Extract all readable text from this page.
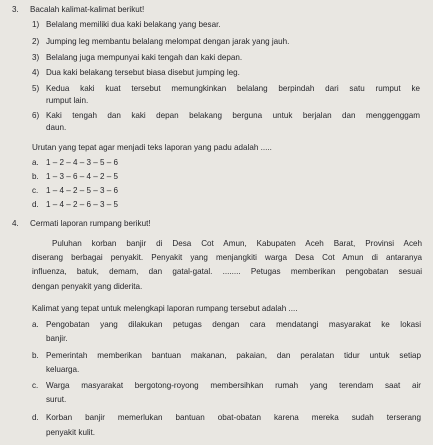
3. Bacalah kalimat-kalimat berikut!
1) Belalang memiliki dua kaki belakang yang besar.
2) Jumping leg membantu belalang melompat dengan jarak yang jauh.
3) Belalang juga mempunyai kaki tengah dan kaki depan.
4) Dua kaki belakang tersebut biasa disebut jumping leg.
5) Kedua kaki kuat tersebut memungkinkan belalang berpindah dari satu rumput ke
rumput lain.
6) Kaki tengah dan kaki depan belakang berguna untuk berjalan dan menggenggam
daun.
Urutan yang tepat agar menjadi teks laporan yang padu adalah .....
a. 1 – 2 – 4 – 3 – 5 – 6
b. 1 – 3 – 6 – 4 – 2 – 5
c. 1 – 4 – 2 – 5 – 3 – 6
d. 1 – 4 – 2 – 6 – 3 – 5
4. Cermati laporan rumpang berikut!
Puluhan korban banjir di Desa Cot Amun, Kabupaten Aceh Barat, Provinsi Aceh
diserang berbagai penyakit. Penyakit yang menjangkiti warga Desa Cot Amun di antaranya
influenza, batuk, demam, dan gatal-gatal. ........ Petugas memberikan pengobatan sesuai
dengan penyakit yang diderita.
Kalimat yang tepat untuk melengkapi laporan rumpang tersebut adalah ....
a. Pengobatan yang dilakukan petugas dengan cara mendatangi masyarakat ke lokasi
banjir.
b. Pemerintah memberikan bantuan makanan, pakaian, dan peralatan tidur untuk setiap
keluarga.
c. Warga masyarakat bergotong-royong membersihkan rumah yang terendam saat air
surut.
d. Korban banjir memerlukan bantuan obat-obatan karena mereka sudah terserang
penyakit kulit.
